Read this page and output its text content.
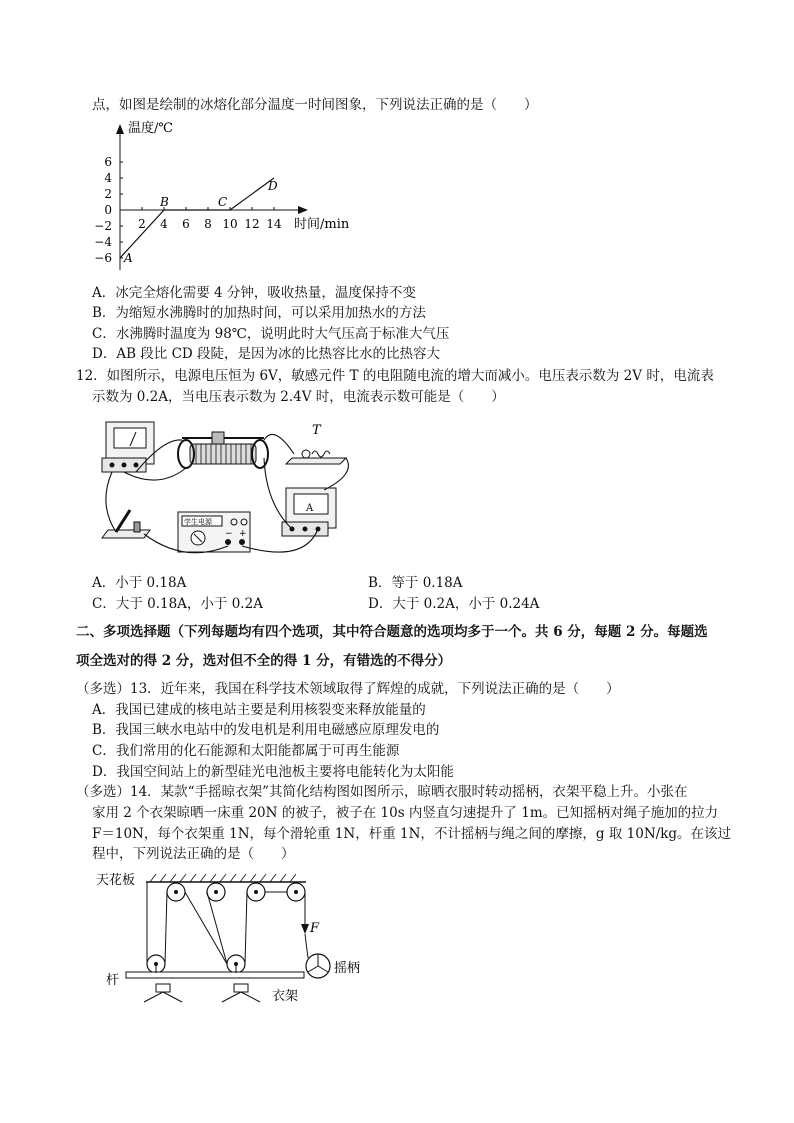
点，如图是绘制的冰熔化部分温度一时间图象，下列说法正确的是（　　）
温度/℃
时间/min
6
4
2
0
−2
−4
−6
2 4 6 8 10 12 14
A
B	C
D
A．冰完全熔化需要 4 分钟，吸收热量，温度保持不变
B．为缩短水沸腾时的加热时间，可以采用加热水的方法
C．水沸腾时温度为 98℃，说明此时大气压高于标准大气压
D．AB 段比 CD 段陡，是因为冰的比热容比水的比热容大
12．如图所示，电源电压恒为 6V，敏感元件 T 的电阻随电流的增大而减小。电压表示数为 2V 时，电流表
示数为 0.2A，当电压表示数为 2.4V 时，电流表示数可能是（　　）
T
A
学生电源
− +
A．小于 0.18A	B．等于 0.18A
C．大于 0.18A，小于 0.2A	D．大于 0.2A，小于 0.24A
二、多项选择题（下列每题均有四个选项，其中符合题意的选项均多于一个。共 6 分，每题 2 分。每题选
项全选对的得 2 分，选对但不全的得 1 分，有错选的不得分）
（多选）13．近年来，我国在科学技术领域取得了辉煌的成就，下列说法正确的是（　　）
A．我国已建成的核电站主要是利用核裂变来释放能量的
B．我国三峡水电站中的发电机是利用电磁感应原理发电的
C．我们常用的化石能源和太阳能都属于可再生能源
D．我国空间站上的新型硅光电池板主要将电能转化为太阳能
（多选）14．某款“手摇晾衣架”其简化结构图如图所示，晾晒衣服时转动摇柄，衣架平稳上升。小张在
家用 2 个衣架晾晒一床重 20N 的被子，被子在 10s 内竖直匀速提升了 1m。已知摇柄对绳子施加的拉力
F＝10N，每个衣架重 1N，每个滑轮重 1N，杆重 1N，不计摇柄与绳之间的摩擦，g 取 10N/kg。在该过
程中，下列说法正确的是（　　）
天花板
F
摇柄
杆
衣架
